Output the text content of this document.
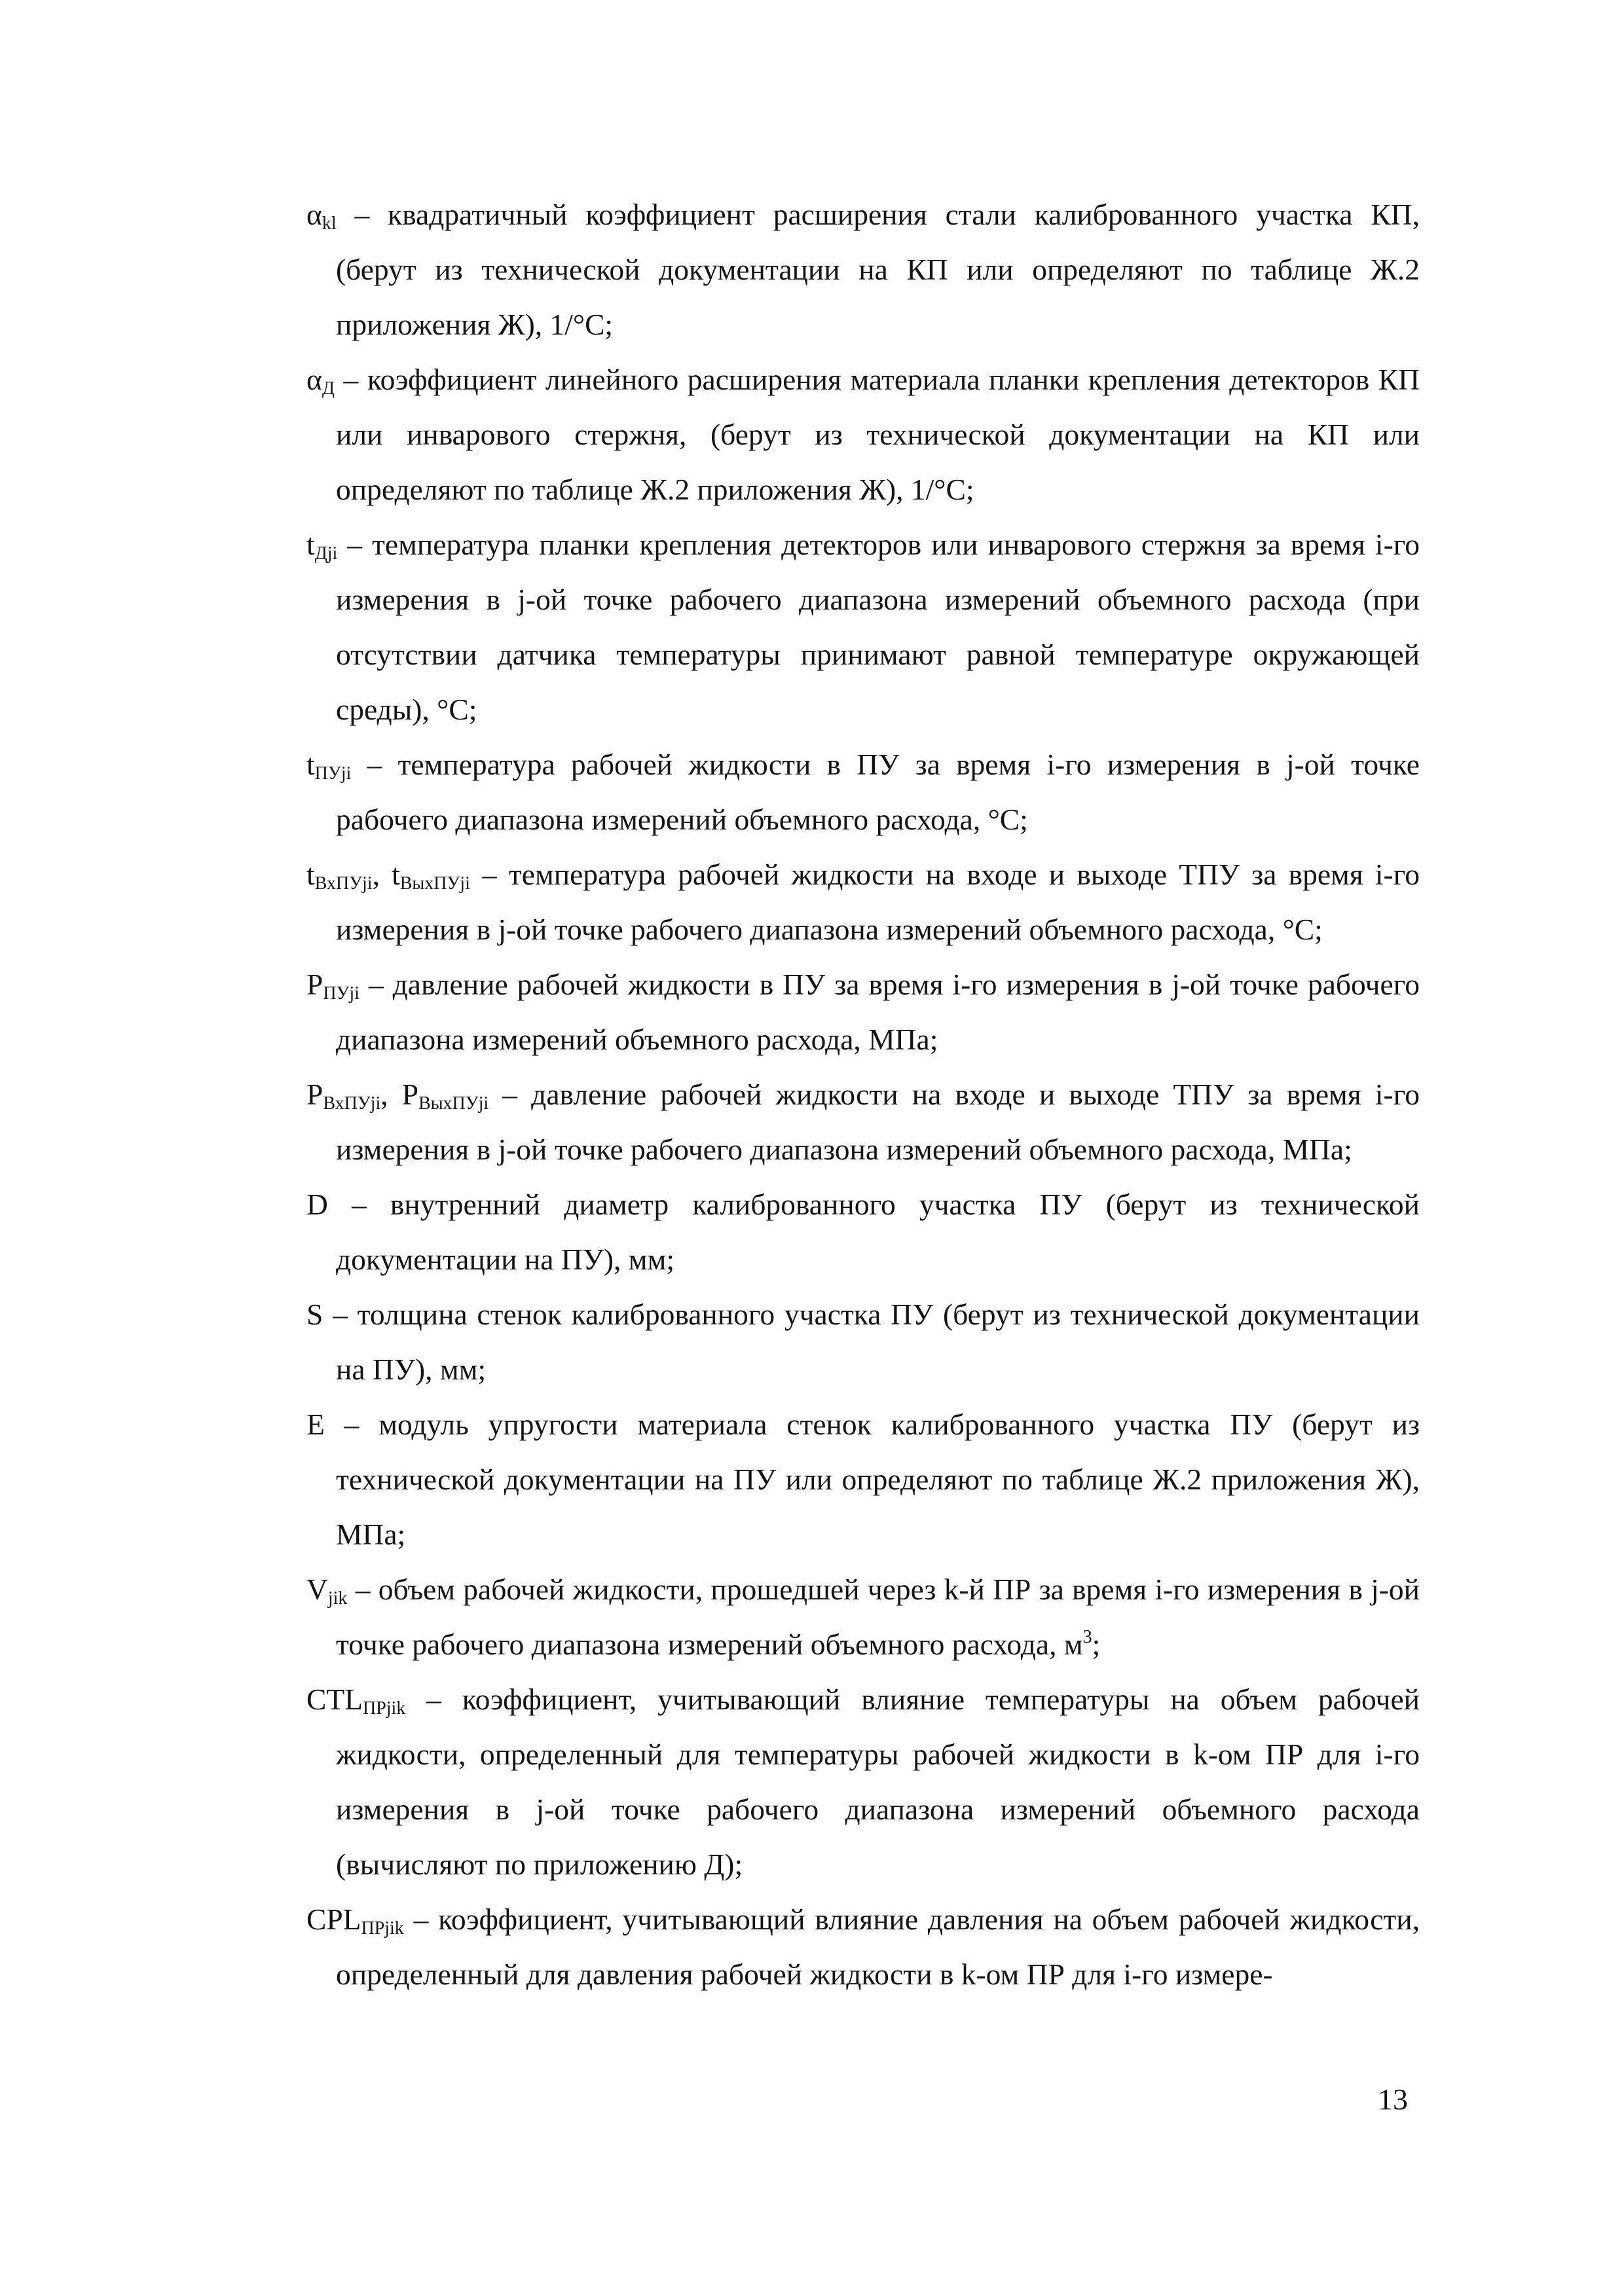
$\alpha_{kl}$ – квадратичный коэффициент расширения стали калиброванного участка КП, (берут из технической документации на КП или определяют по таблице Ж.2 приложения Ж), 1/°С;

$\alpha_Д$ – коэффициент линейного расширения материала планки крепления детекторов КП или инварового стержня, (берут из технической документации на КП или определяют по таблице Ж.2 приложения Ж), 1/°С;

$t_{Дji}$ – температура планки крепления детекторов или инварового стержня за время i-го измерения в j-ой точке рабочего диапазона измерений объемного расхода (при отсутствии датчика температуры принимают равной температуре окружающей среды), °С;

$t_{ПУji}$ – температура рабочей жидкости в ПУ за время i-го измерения в j-ой точке рабочего диапазона измерений объемного расхода, °С;

$t_{ВхПУji}$, $t_{ВыхПУji}$ – температура рабочей жидкости на входе и выходе ТПУ за время i-го измерения в j-ой точке рабочего диапазона измерений объемного расхода, °С;

$P_{ПУji}$ – давление рабочей жидкости в ПУ за время i-го измерения в j-ой точке рабочего диапазона измерений объемного расхода, МПа;

$P_{ВхПУji}$, $P_{ВыхПУji}$ – давление рабочей жидкости на входе и выходе ТПУ за время i-го измерения в j-ой точке рабочего диапазона измерений объемного расхода, МПа;

D – внутренний диаметр калиброванного участка ПУ (берут из технической документации на ПУ), мм;

S – толщина стенок калиброванного участка ПУ (берут из технической документации на ПУ), мм;

E – модуль упругости материала стенок калиброванного участка ПУ (берут из технической документации на ПУ или определяют по таблице Ж.2 приложения Ж), МПа;

$V_{jik}$ – объем рабочей жидкости, прошедшей через k-й ПР за время i-го измерения в j-ой точке рабочего диапазона измерений объемного расхода, $м^3$;

$CTL_{ПРjik}$ – коэффициент, учитывающий влияние температуры на объем рабочей жидкости, определенный для температуры рабочей жидкости в k-ом ПР для i-го измерения в j-ой точке рабочего диапазона измерений объемного расхода (вычисляют по приложению Д);

$CPL_{ПРjik}$ – коэффициент, учитывающий влияние давления на объем рабочей жидкости, определенный для давления рабочей жидкости в k-ом ПР для i-го измере-

13
